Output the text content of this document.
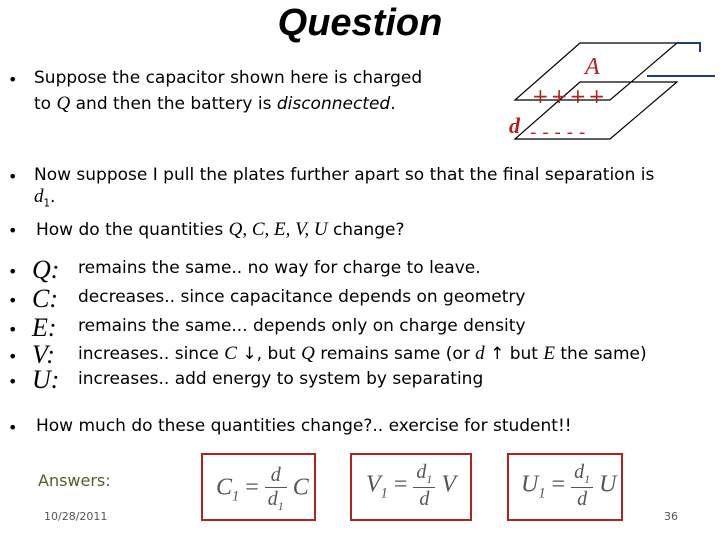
Question
A
++++
- - - - -
d
• Suppose the capacitor shown here is charged
to Q and then the battery is disconnected.
• Now suppose I pull the plates further apart so that the final separation is
$d_1$.
• How do the quantities Q, C, E, V, U change?
• Q: remains the same.. no way for charge to leave.
• C: decreases.. since capacitance depends on geometry
• E: remains the same... depends only on charge density
• V: increases.. since C ↓, but Q remains same (or d ↑ but E the same)
• U: increases.. add energy to system by separating
• How much do these quantities change?.. exercise for student!!
Answers:	$C_1 = \frac{d}{d_1}$ C $V_1 = \frac{d_1}{d}$ V	$U_1 = \frac{d_1}{d}$ U
10/28/2011	36
